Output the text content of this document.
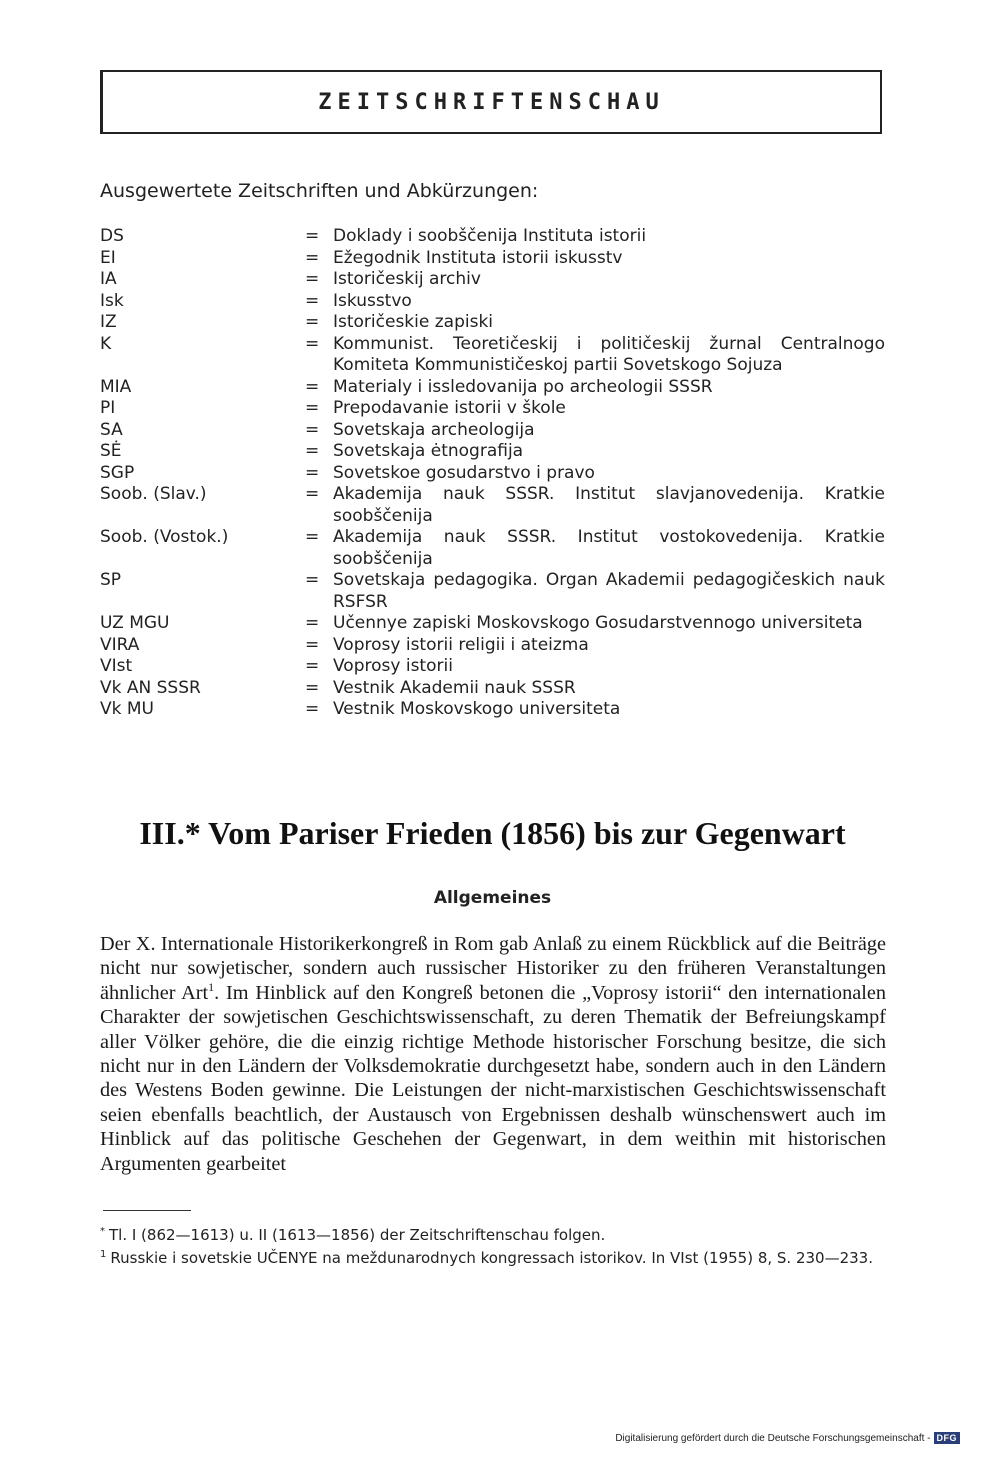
ZEITSCHRIFTENSCHAU
Ausgewertete Zeitschriften und Abkürzungen:
DS	= Doklady i soobščenija Instituta istorii
EI	= Ežegodnik Instituta istorii iskusstv
IA	= Istoričeskij archiv
Isk	= Iskusstvo
IZ	= Istoričeskie zapiski
K	= Kommunist. Teoretičeskij i političeskij žurnal Centralnogo Komiteta Kommunističeskoj partii Sovetskogo Sojuza
MIA	= Materialy i issledovanija po archeologii SSSR
PI	= Prepodavanie istorii v škole
SA	= Sovetskaja archeologija
SĖ	= Sovetskaja ėtnografija
SGP	= Sovetskoe gosudarstvo i pravo
Soob. (Slav.)	= Akademija nauk SSSR. Institut slavjanovedenija. Kratkie soobščenija
Soob. (Vostok.)	= Akademija nauk SSSR. Institut vostokovedenija. Kratkie soobščenija
SP	= Sovetskaja pedagogika. Organ Akademii pedagogičeskich nauk RSFSR
UZ MGU	= Učennye zapiski Moskovskogo Gosudarstvennogo universiteta
VIRA	= Voprosy istorii religii i ateizma
VIst	= Voprosy istorii
Vk AN SSSR	= Vestnik Akademii nauk SSSR
Vk MU	= Vestnik Moskovskogo universiteta
III.* Vom Pariser Frieden (1856) bis zur Gegenwart
Allgemeines

Der X. Internationale Historikerkongreß in Rom gab Anlaß zu einem Rückblick auf die Beiträge nicht nur sowjetischer, sondern auch russischer Historiker zu den früheren Veranstaltungen ähnlicher Art$^1$. Im Hinblick auf den Kongreß betonen die „Voprosy istorii“ den internationalen Charakter der sowjetischen Geschichtswissenschaft, zu deren Thematik der Befreiungskampf aller Völker gehöre, die die einzig richtige Methode historischer Forschung besitze, die sich nicht nur in den Ländern der Volksdemokratie durchgesetzt habe, sondern auch in den Ländern des Westens Boden gewinne. Die Leistungen der nicht-marxistischen Geschichtswissenschaft seien ebenfalls beachtlich, der Austausch von Ergebnissen deshalb wünschenswert auch im Hinblick auf das politische Geschehen der Gegenwart, in dem weithin mit historischen Argumenten gearbeitet

* Tl. I (862—1613) u. II (1613—1856) der Zeitschriftenschau folgen.

$^1$ Russkie i sovetskie UČENYE na meždunarodnych kongressach istorikov. In VIst (1955) 8, S. 230—233.

Digitalisierung gefördert durch die Deutsche Forschungsgemeinschaft - DFG
